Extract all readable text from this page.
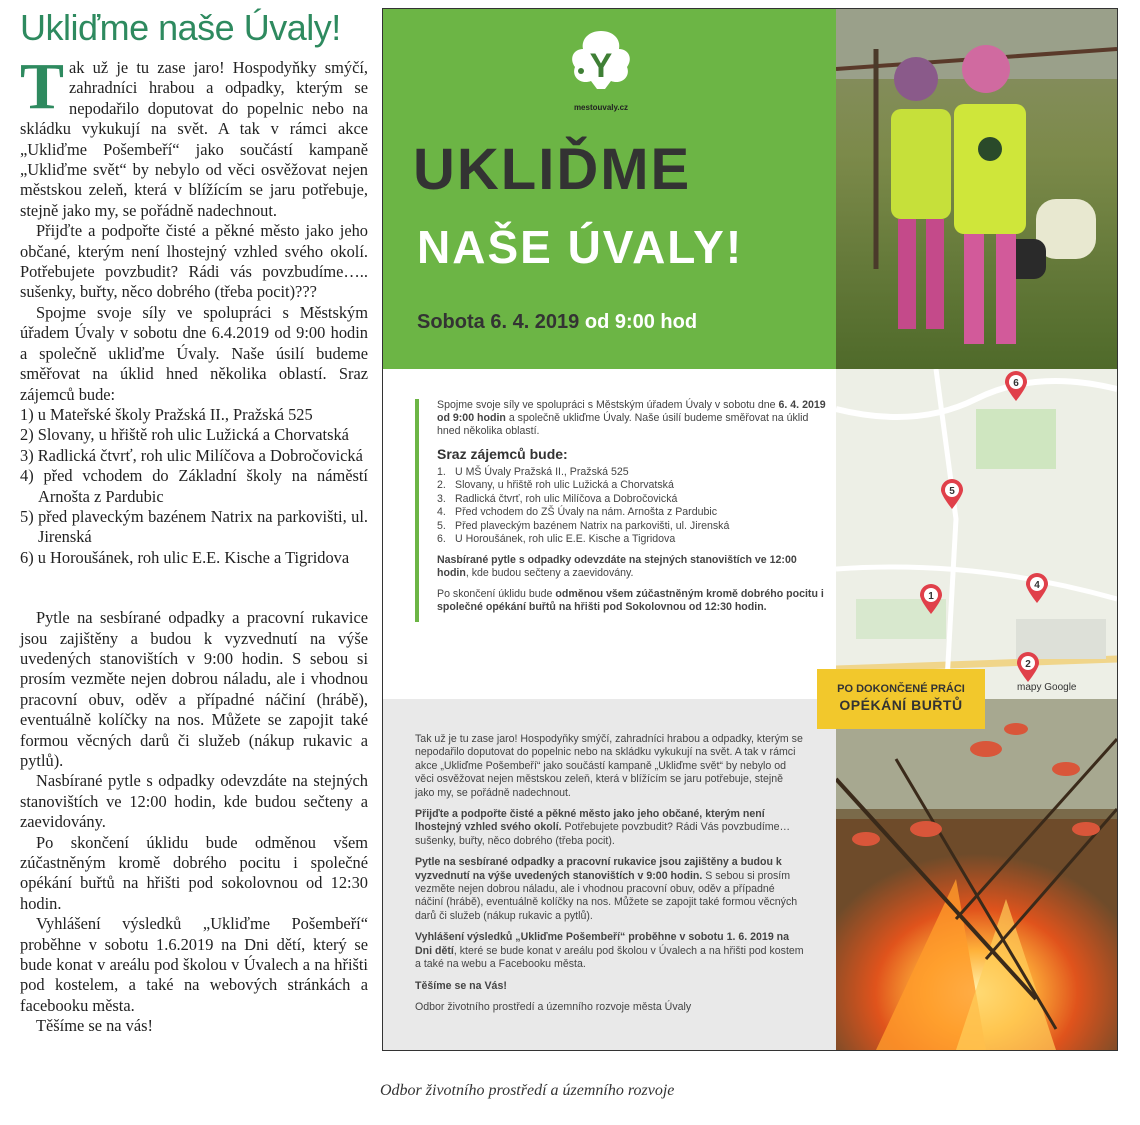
Ukliďme naše Úvaly!

Tak už je tu zase jaro! Hospodyňky smýčí, zahradníci hrabou a odpadky, kterým se nepodařilo doputovat do popelnic nebo na skládku vykukují na svět. A tak v rámci akce „Ukliďme Pošembeří“ jako součástí kampaně „Ukliďme svět“ by nebylo od věci osvěžovat nejen městskou zeleň, která v blížícím se jaru potřebuje, stejně jako my, se pořádně nadechnout.

Přijďte a podpořte čisté a pěkné město jako jeho občané, kterým není lhostejný vzhled svého okolí. Potřebujete povzbudit? Rádi vás povzbudíme….. sušenky, buřty, něco dobrého (třeba pocit)???

Spojme svoje síly ve spolupráci s Městským úřadem Úvaly v sobotu dne 6.4.2019 od 9:00 hodin a společně ukliďme Úvaly. Naše úsilí budeme směřovat na úklid hned několika oblastí. Sraz zájemců bude:

1) u Mateřské školy Pražská II., Pražská 525
2) Slovany, u hřiště roh ulic Lužická a Chorvatská
3) Radlická čtvrť, roh ulic Milíčova a Dobročovická
4) před vchodem do Základní školy na náměstí Arnošta z Pardubic
5) před plaveckým bazénem Natrix na parkovišti, ul. Jirenská
6) u Horoušánek, roh ulic E.E. Kische a Tigridova

Pytle na sesbírané odpadky a pracovní rukavice jsou zajištěny a budou k vyzvednutí na výše uvedených stanovištích v 9:00 hodin. S sebou si prosím vezměte nejen dobrou náladu, ale i vhodnou pracovní obuv, oděv a případné náčiní (hrábě), eventuálně kolíčky na nos. Můžete se zapojit také formou věcných darů či služeb (nákup rukavic a pytlů).

Nasbírané pytle s odpadky odevzdáte na stejných stanovištích ve 12:00 hodin, kde budou sečteny a zaevidovány.

Po skončení úklidu bude odměnou všem zúčastněným kromě dobrého pocitu i společné opékání buřtů na hřišti pod sokolovnou od 12:30 hodin.

Vyhlášení výsledků „Ukliďme Pošembeří“ proběhne v sobotu 1.6.2019 na Dni dětí, který se bude konat v areálu pod školou v Úvalech a na hřišti pod kostelem, a také na webových stránkách a facebooku města.

Těšíme se na vás!

Odbor životního prostředí a územního rozvoje
Y
mestouvaly.cz
UKLIĎME
NAŠE ÚVALY!
Sobota 6. 4. 2019 od 9:00 hod
6
5
1
4
2
mapy Google

Spojme svoje síly ve spolupráci s Městským úřadem Úvaly v sobotu dne 6. 4. 2019 od 9:00 hodin a společně ukliďme Úvaly. Naše úsilí budeme směřovat na úklid hned několika oblastí.

Sraz zájemců bude:
1. U MŠ Úvaly Pražská II., Pražská 525
2. Slovany, u hřiště roh ulic Lužická a Chorvatská
3. Radlická čtvrť, roh ulic Milíčova a Dobročovická
4. Před vchodem do ZŠ Úvaly na nám. Arnošta z Pardubic
5. Před plaveckým bazénem Natrix na parkovišti, ul. Jirenská
6. U Horoušánek, roh ulic E.E. Kische a Tigridova

Nasbírané pytle s odpadky odevzdáte na stejných stanovištích ve 12:00 hodin, kde budou sečteny a zaevidovány.

Po skončení úklidu bude odměnou všem zúčastněným kromě dobrého pocitu i společné opékání buřtů na hřišti pod Sokolovnou od 12:30 hodin.

Tak už je tu zase jaro! Hospodyňky smýčí, zahradníci hrabou a odpadky, kterým se nepodařilo doputovat do popelnic nebo na skládku vykukují na svět. A tak v rámci akce „Ukliďme Pošembeří“ jako součástí kampaně „Ukliďme svět“ by nebylo od věci osvěžovat nejen městskou zeleň, která v blížícím se jaru potřebuje, stejně jako my, se pořádně nadechnout.

Přijďte a podpořte čisté a pěkné město jako jeho občané, kterým není lhostejný vzhled svého okolí. Potřebujete povzbudit? Rádi Vás povzbudíme… sušenky, buřty, něco dobrého (třeba pocit).

Pytle na sesbírané odpadky a pracovní rukavice jsou zajištěny a budou k vyzvednutí na výše uvedených stanovištích v 9:00 hodin. S sebou si prosím vezměte nejen dobrou náladu, ale i vhodnou pracovní obuv, oděv a případné náčiní (hrábě), eventuálně kolíčky na nos. Můžete se zapojit také formou věcných darů či služeb (nákup rukavic a pytlů).

Vyhlášení výsledků „Ukliďme Pošembeří“ proběhne v sobotu 1. 6. 2019 na Dni dětí, které se bude konat v areálu pod školou v Úvalech a na hřišti pod kostem a také na webu a Facebooku města.

Těšíme se na Vás!

Odbor životního prostředí a územního rozvoje města Úvaly

PO DOKONČENÉ PRÁCI
OPÉKÁNÍ BUŘTŮ
